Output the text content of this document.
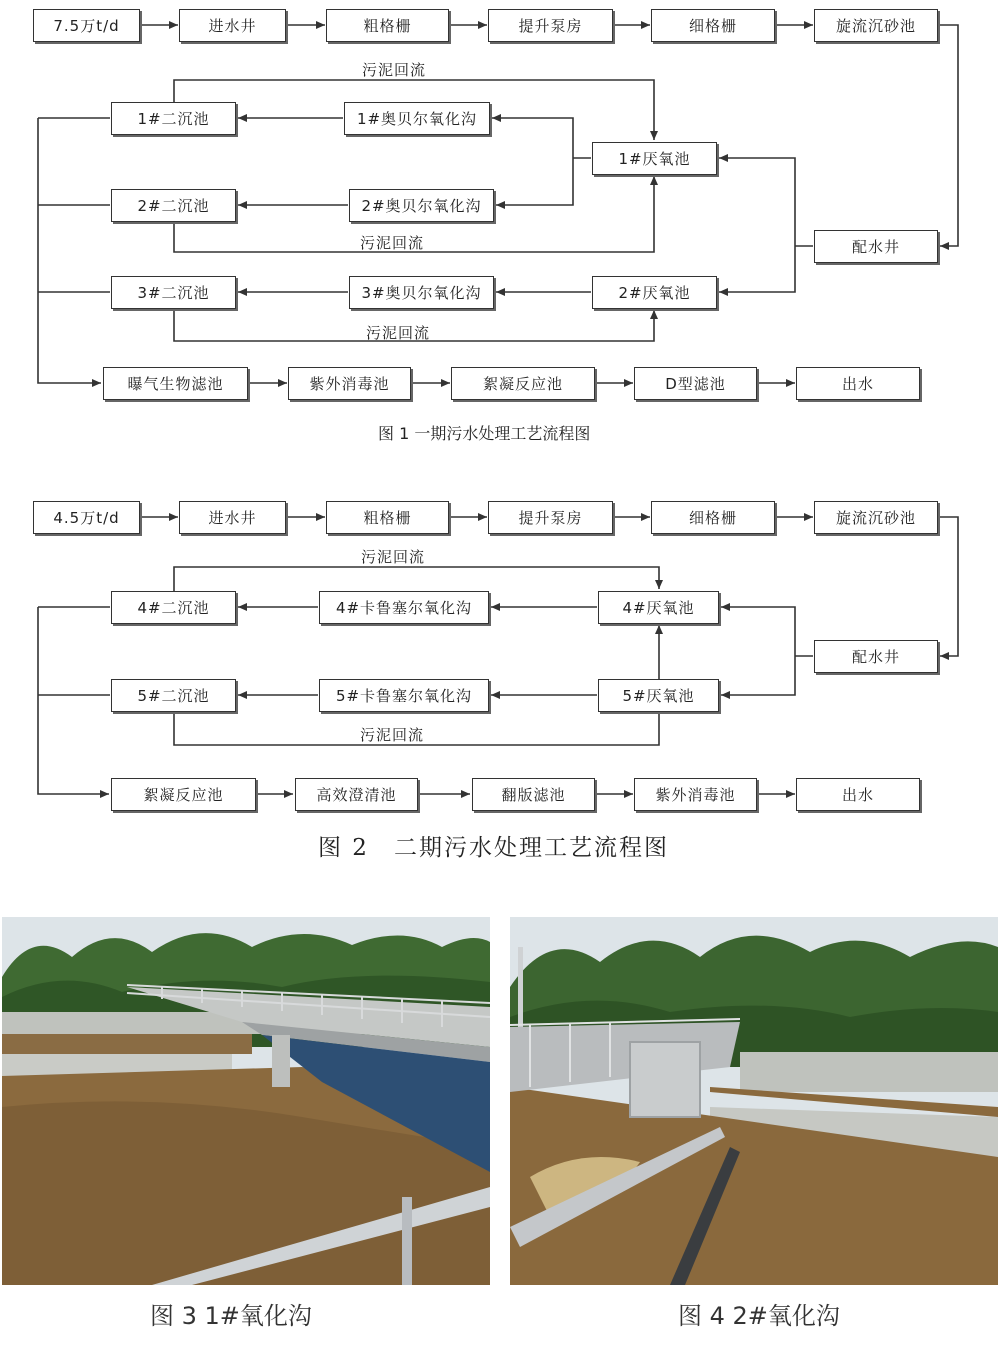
7.5万t/d	进水井	粗格栅	提升泵房	细格栅	旋流沉砂池
配水井
1#厌氧池
2#厌氧池
1#奥贝尔氧化沟
2#奥贝尔氧化沟
3#奥贝尔氧化沟
1#二沉池
2#二沉池
3#二沉池
污泥回流
污泥回流
污泥回流
曝气生物滤池	紫外消毒池	絮凝反应池	D型滤池	出水
图 1 一期污水处理工艺流程图
4.5万t/d	进水井	粗格栅	提升泵房	细格栅	旋流沉砂池
配水井
4#厌氧池
5#厌氧池
4#卡鲁塞尔氧化沟
5#卡鲁塞尔氧化沟
4#二沉池
5#二沉池
污泥回流
污泥回流
絮凝反应池	高效澄清池	翻版滤池	紫外消毒池	出水
图 2　二期污水处理工艺流程图
图 3 1#氧化沟	图 4 2#氧化沟
